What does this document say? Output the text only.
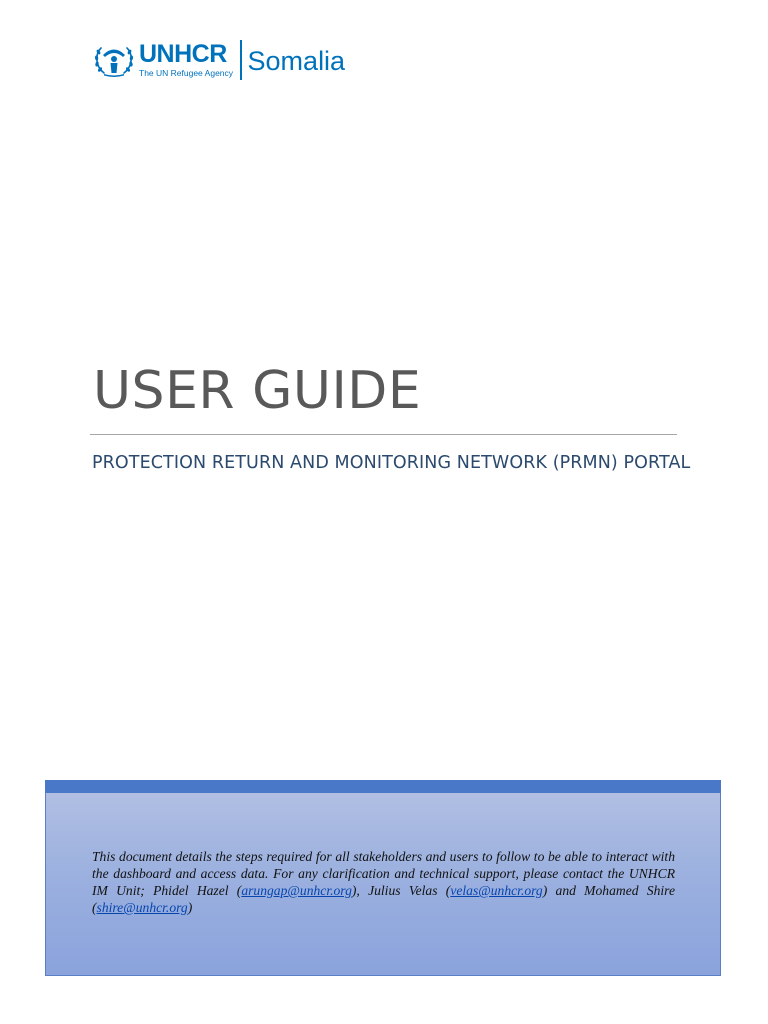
UNHCR
The UN Refugee Agency Somalia
USER GUIDE

PROTECTION RETURN AND MONITORING NETWORK (PRMN) PORTAL

This document details the steps required for all stakeholders and users to follow to be able to interact with the dashboard and access data. For any clarification and technical support, please contact the UNHCR IM Unit; Phidel Hazel (arungap@unhcr.org), Julius Velas (velas@unhcr.org) and Mohamed Shire (shire@unhcr.org)
